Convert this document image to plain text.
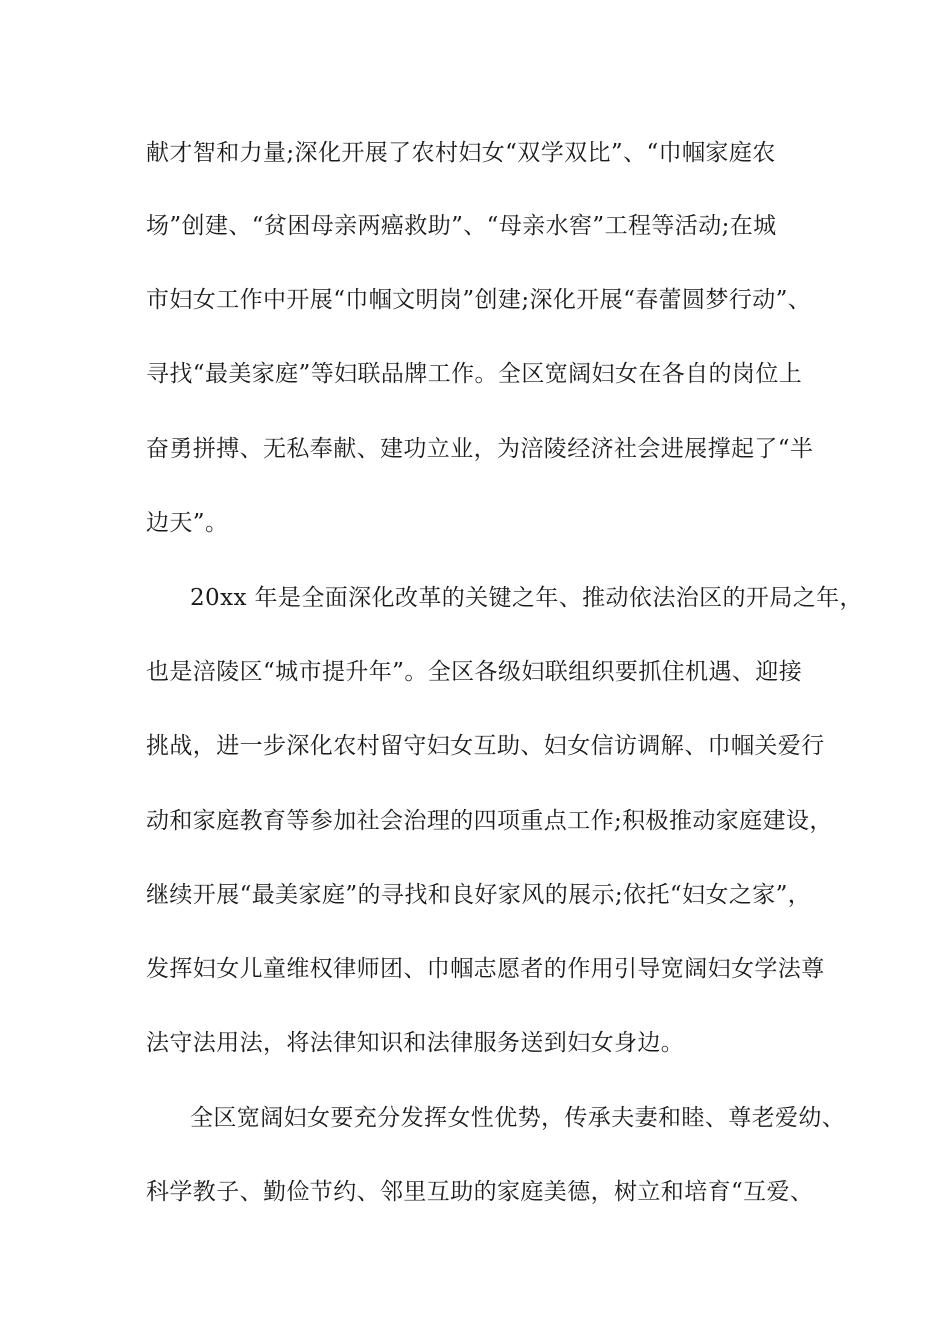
献才智和力量;深化开展了农村妇女“双学双比”、“巾帼家庭农
场”创建、“贫困母亲两癌救助”、“母亲水窖”工程等活动;在城
市妇女工作中开展“巾帼文明岗”创建;深化开展“春蕾圆梦行动”、
寻找“最美家庭”等妇联品牌工作。全区宽阔妇女在各自的岗位上
奋勇拼搏、无私奉献、建功立业，为涪陵经济社会进展撑起了“半
边天”。
20xx 年是全面深化改革的关键之年、推动依法治区的开局之年，
也是涪陵区“城市提升年”。全区各级妇联组织要抓住机遇、迎接
挑战，进一步深化农村留守妇女互助、妇女信访调解、巾帼关爱行
动和家庭教育等参加社会治理的四项重点工作;积极推动家庭建设，
继续开展“最美家庭”的寻找和良好家风的展示;依托“妇女之家”，
发挥妇女儿童维权律师团、巾帼志愿者的作用引导宽阔妇女学法尊
法守法用法，将法律知识和法律服务送到妇女身边。
全区宽阔妇女要充分发挥女性优势，传承夫妻和睦、尊老爱幼、
科学教子、勤俭节约、邻里互助的家庭美德，树立和培育“互爱、
